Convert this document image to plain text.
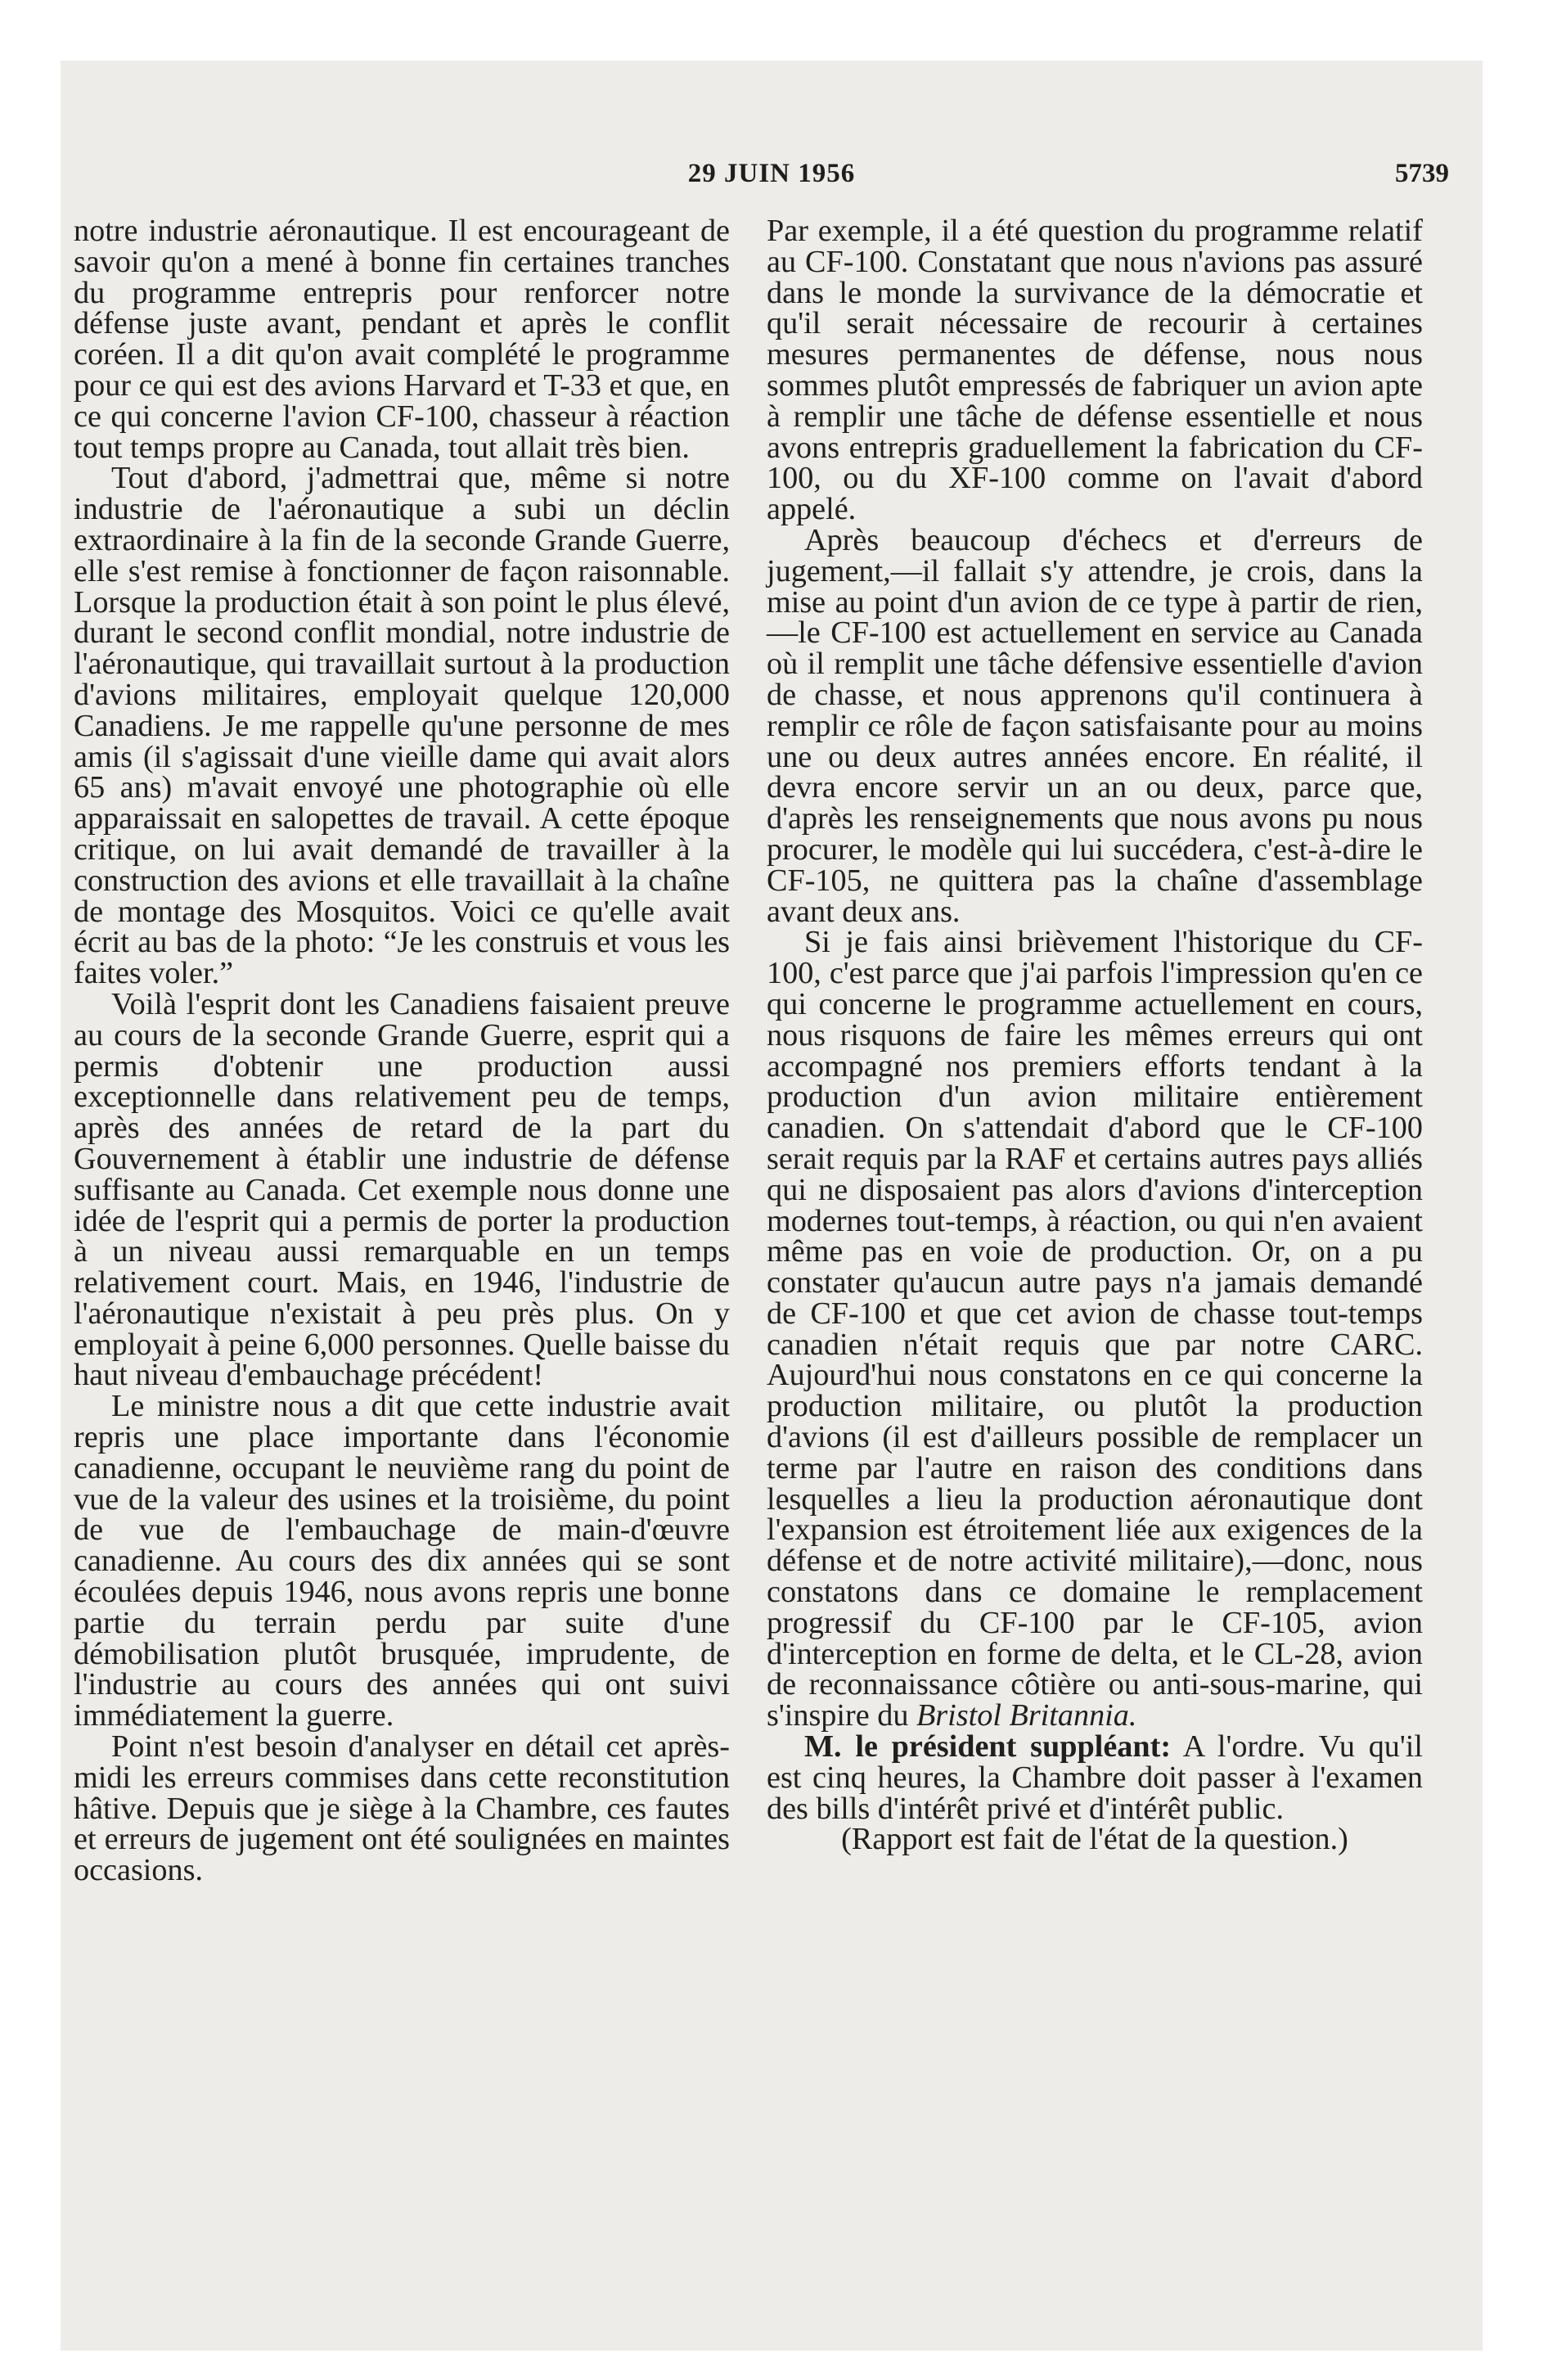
29 JUIN 1956	5739

notre industrie aéronautique. Il est encourageant de savoir qu'on a mené à bonne fin certaines tranches du programme entrepris pour renforcer notre défense juste avant, pendant et après le conflit coréen. Il a dit qu'on avait complété le programme pour ce qui est des avions Harvard et T-33 et que, en ce qui concerne l'avion CF-100, chasseur à réaction tout temps propre au Canada, tout allait très bien.

Tout d'abord, j'admettrai que, même si notre industrie de l'aéronautique a subi un déclin extraordinaire à la fin de la seconde Grande Guerre, elle s'est remise à fonctionner de façon raisonnable. Lorsque la production était à son point le plus élevé, durant le second conflit mondial, notre industrie de l'aéronautique, qui travaillait surtout à la production d'avions militaires, employait quelque 120,000 Canadiens. Je me rappelle qu'une personne de mes amis (il s'agissait d'une vieille dame qui avait alors 65 ans) m'avait envoyé une photographie où elle apparaissait en salopettes de travail. A cette époque critique, on lui avait demandé de travailler à la construction des avions et elle travaillait à la chaîne de montage des Mosquitos. Voici ce qu'elle avait écrit au bas de la photo: “Je les construis et vous les faites voler.”

Voilà l'esprit dont les Canadiens faisaient preuve au cours de la seconde Grande Guerre, esprit qui a permis d'obtenir une production aussi exceptionnelle dans relativement peu de temps, après des années de retard de la part du Gouvernement à établir une industrie de défense suffisante au Canada. Cet exemple nous donne une idée de l'esprit qui a permis de porter la production à un niveau aussi remarquable en un temps relativement court. Mais, en 1946, l'industrie de l'aéronautique n'existait à peu près plus. On y employait à peine 6,000 personnes. Quelle baisse du haut niveau d'embauchage précédent!

Le ministre nous a dit que cette industrie avait repris une place importante dans l'économie canadienne, occupant le neuvième rang du point de vue de la valeur des usines et la troisième, du point de vue de l'embauchage de main-d'œuvre canadienne. Au cours des dix années qui se sont écoulées depuis 1946, nous avons repris une bonne partie du terrain perdu par suite d'une démobilisation plutôt brusquée, imprudente, de l'industrie au cours des années qui ont suivi immédiatement la guerre.

Point n'est besoin d'analyser en détail cet après-midi les erreurs commises dans cette reconstitution hâtive. Depuis que je siège à la Chambre, ces fautes et erreurs de jugement ont été soulignées en maintes occasions.

Par exemple, il a été question du programme relatif au CF-100. Constatant que nous n'avions pas assuré dans le monde la survivance de la démocratie et qu'il serait nécessaire de recourir à certaines mesures permanentes de défense, nous nous sommes plutôt empressés de fabriquer un avion apte à remplir une tâche de défense essentielle et nous avons entrepris graduellement la fabrication du CF-100, ou du XF-100 comme on l'avait d'abord appelé.

Après beaucoup d'échecs et d'erreurs de jugement,—il fallait s'y attendre, je crois, dans la mise au point d'un avion de ce type à partir de rien,—le CF-100 est actuellement en service au Canada où il remplit une tâche défensive essentielle d'avion de chasse, et nous apprenons qu'il continuera à remplir ce rôle de façon satisfaisante pour au moins une ou deux autres années encore. En réalité, il devra encore servir un an ou deux, parce que, d'après les renseignements que nous avons pu nous procurer, le modèle qui lui succédera, c'est-à-dire le CF-105, ne quittera pas la chaîne d'assemblage avant deux ans.

Si je fais ainsi brièvement l'historique du CF-100, c'est parce que j'ai parfois l'impression qu'en ce qui concerne le programme actuellement en cours, nous risquons de faire les mêmes erreurs qui ont accompagné nos premiers efforts tendant à la production d'un avion militaire entièrement canadien. On s'attendait d'abord que le CF-100 serait requis par la RAF et certains autres pays alliés qui ne disposaient pas alors d'avions d'interception modernes tout-temps, à réaction, ou qui n'en avaient même pas en voie de production. Or, on a pu constater qu'aucun autre pays n'a jamais demandé de CF-100 et que cet avion de chasse tout-temps canadien n'était requis que par notre CARC. Aujourd'hui nous constatons en ce qui concerne la production militaire, ou plutôt la production d'avions (il est d'ailleurs possible de remplacer un terme par l'autre en raison des conditions dans lesquelles a lieu la production aéronautique dont l'expansion est étroitement liée aux exigences de la défense et de notre activité militaire),—donc, nous constatons dans ce domaine le remplacement progressif du CF-100 par le CF-105, avion d'interception en forme de delta, et le CL-28, avion de reconnaissance côtière ou anti-sous-marine, qui s'inspire du Bristol Britannia.

M. le président suppléant: A l'ordre. Vu qu'il est cinq heures, la Chambre doit passer à l'examen des bills d'intérêt privé et d'intérêt public.

(Rapport est fait de l'état de la question.)
